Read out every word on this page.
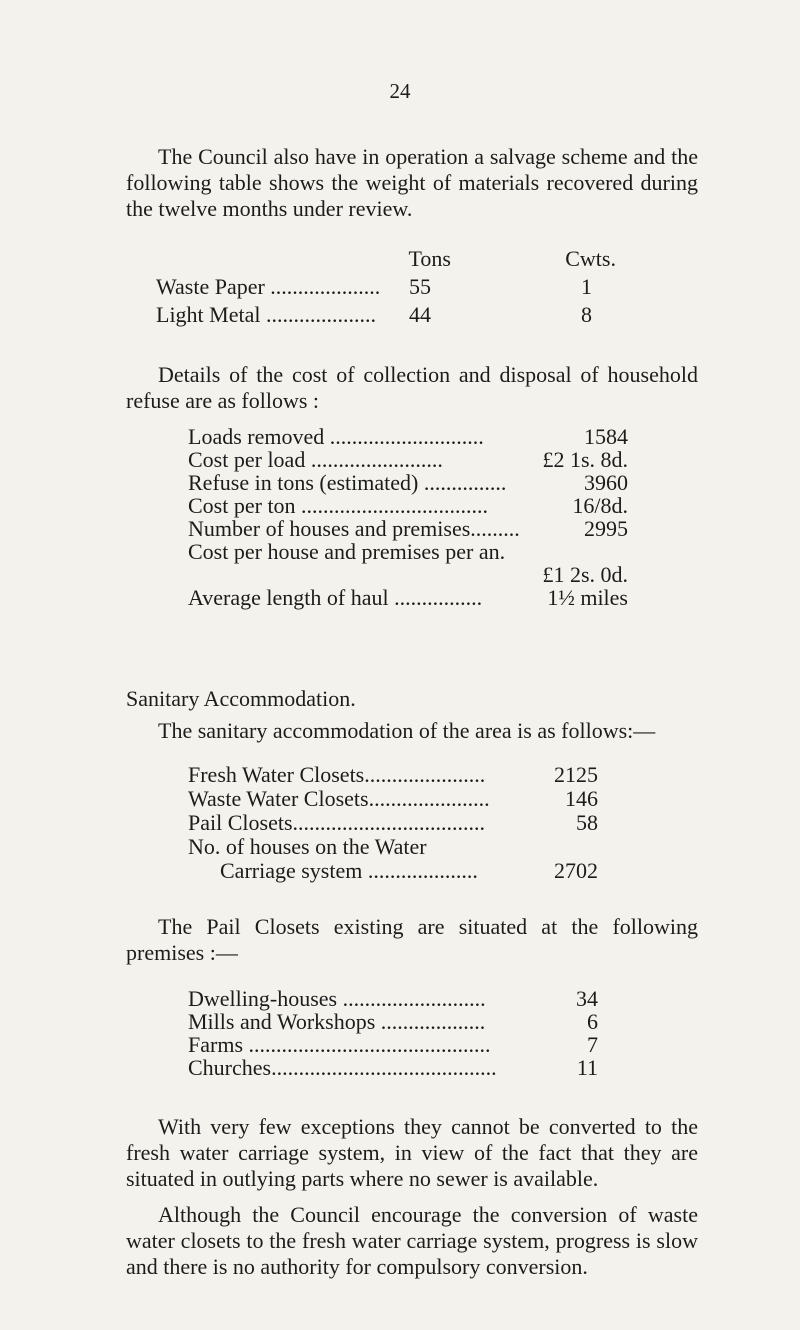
24
The Council also have in operation a salvage scheme and the following table shows the weight of materials recovered during the twelve months under review.
Tons	Cwts.
Waste Paper .................... 55	1
Light Metal .................... 44	8
Details of the cost of collection and disposal of household refuse are as follows :
Loads removed ............................	1584
Cost per load ........................	£2 1s. 8d.
Refuse in tons (estimated) ...............	3960
Cost per ton ..................................	16/8d.
Number of houses and premises.........	2995
Cost per house and premises per an.
£1 2s. 0d.
Average length of haul ................	1½ miles
Sanitary Accommodation.
The sanitary accommodation of the area is as follows:—
Fresh Water Closets......................	2125
Waste Water Closets......................	146
Pail Closets...................................	58
No. of houses on the Water
Carriage system ....................	2702
The Pail Closets existing are situated at the following premises :—
Dwelling-houses ..........................	34
Mills and Workshops ...................	6
Farms ............................................	7
Churches.........................................	11
With very few exceptions they cannot be converted to the fresh water carriage system, in view of the fact that they are situated in outlying parts where no sewer is available.
Although the Council encourage the conversion of waste water closets to the fresh water carriage system, progress is slow and there is no authority for compulsory conversion.
